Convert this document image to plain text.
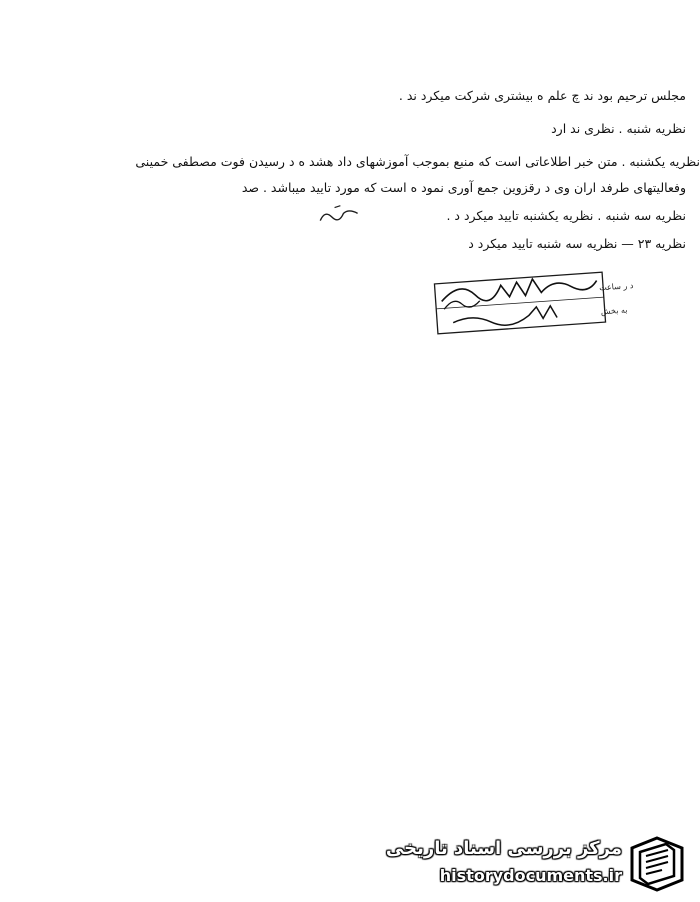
مجلس ترحیم بود ند چ علم ه بیشتری شرکت میکرد ند .
نظریه شنبه . نظری ند ارد
نظریه یکشنبه . متن خبر اطلاعاتی است که منبع بموجب آموزشهای داد هشد ه د رسیدن فوت مصطفی خمینی
وفعالیتهای طرفد اران وی د رقزوین جمع آوری نمود ه است که مورد تایید میباشد . صد
نظریه سه شنبه . نظریه یکشنبه تایید میکرد د .
نظریه ۲۳ — نظریه سه شنبه تایید میکرد د
د ر ساعت
به بخش
مرکز بررسی اسناد تاریخی
historydocuments.ir
